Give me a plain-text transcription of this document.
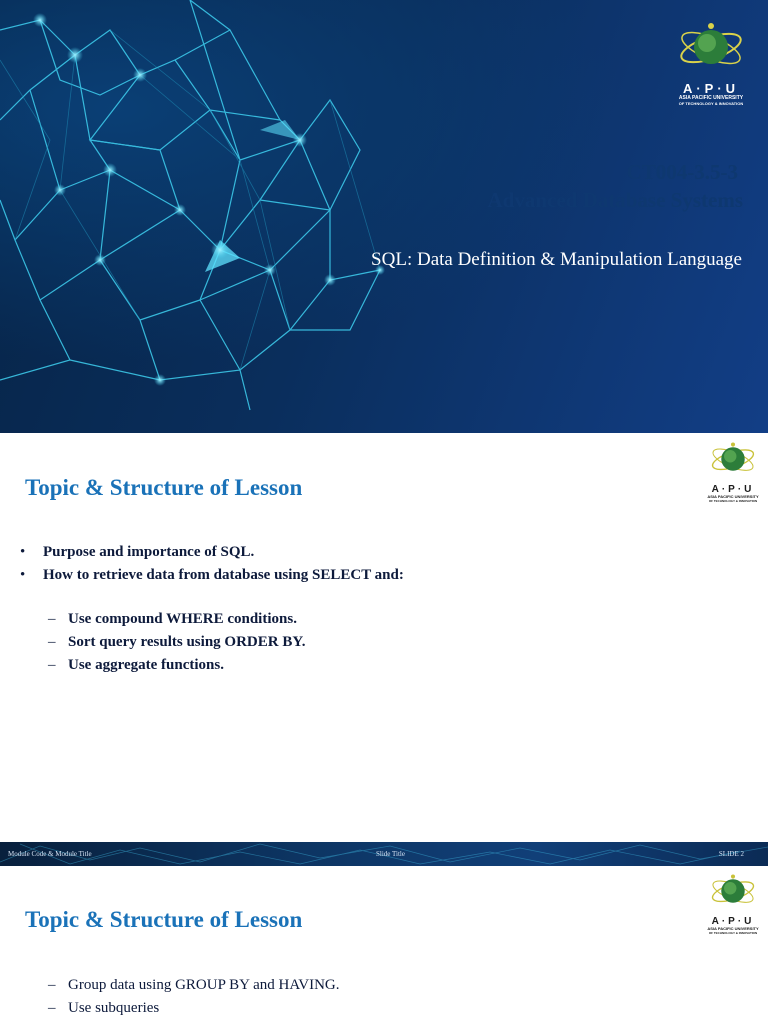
A·P·U
ASIA PACIFIC UNIVERSITY
OF TECHNOLOGY & INNOVATION
CT004-3.5-3
Advanced Database Systems
SQL: Data Definition & Manipulation Language
A·P·U
ASIA PACIFIC UNIVERSITY
OF TECHNOLOGY & INNOVATION
Topic & Structure of Lesson
• Purpose and importance of SQL.
• How to retrieve data from database using SELECT and:
– Use compound WHERE conditions.
– Sort query results using ORDER BY.
– Use aggregate functions.
Module Code & Module Title	Slide Title	SLIDE 2
A·P·U
ASIA PACIFIC UNIVERSITY
OF TECHNOLOGY & INNOVATION
Topic & Structure of Lesson
– Group data using GROUP BY and HAVING.
– Use subqueries
